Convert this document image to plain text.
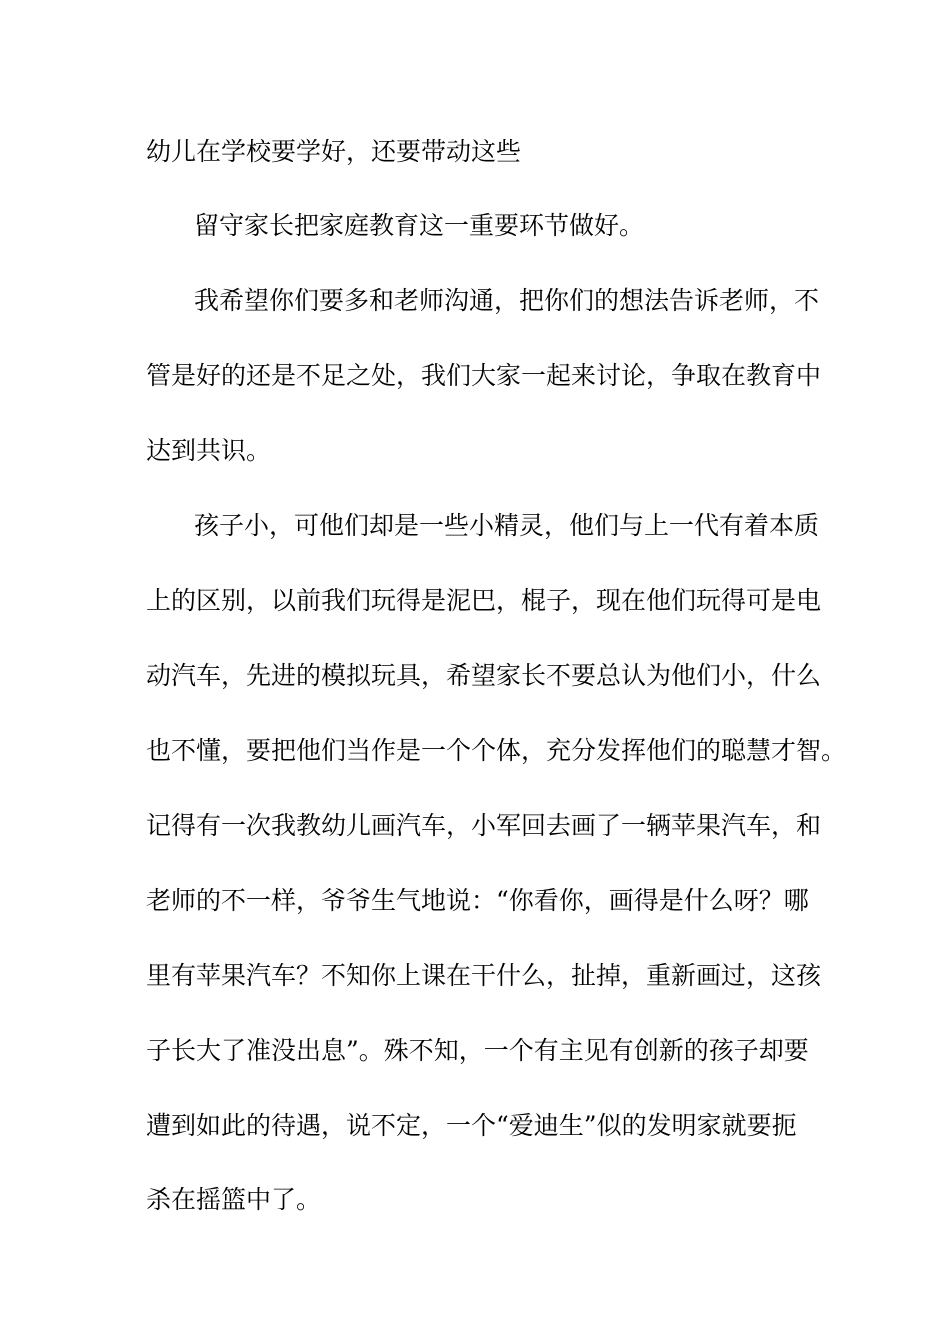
幼儿在学校要学好，还要带动这些
留守家长把家庭教育这一重要环节做好。
我希望你们要多和老师沟通，把你们的想法告诉老师，不
管是好的还是不足之处，我们大家一起来讨论，争取在教育中
达到共识。
孩子小，可他们却是一些小精灵，他们与上一代有着本质
上的区别，以前我们玩得是泥巴，棍子，现在他们玩得可是电
动汽车，先进的模拟玩具，希望家长不要总认为他们小，什么
也不懂，要把他们当作是一个个体，充分发挥他们的聪慧才智。
记得有一次我教幼儿画汽车，小军回去画了一辆苹果汽车，和
老师的不一样，爷爷生气地说：“你看你，画得是什么呀？哪
里有苹果汽车？不知你上课在干什么，扯掉，重新画过，这孩
子长大了准没出息”。殊不知，一个有主见有创新的孩子却要
遭到如此的待遇，说不定，一个“爱迪生”似的发明家就要扼
杀在摇篮中了。
